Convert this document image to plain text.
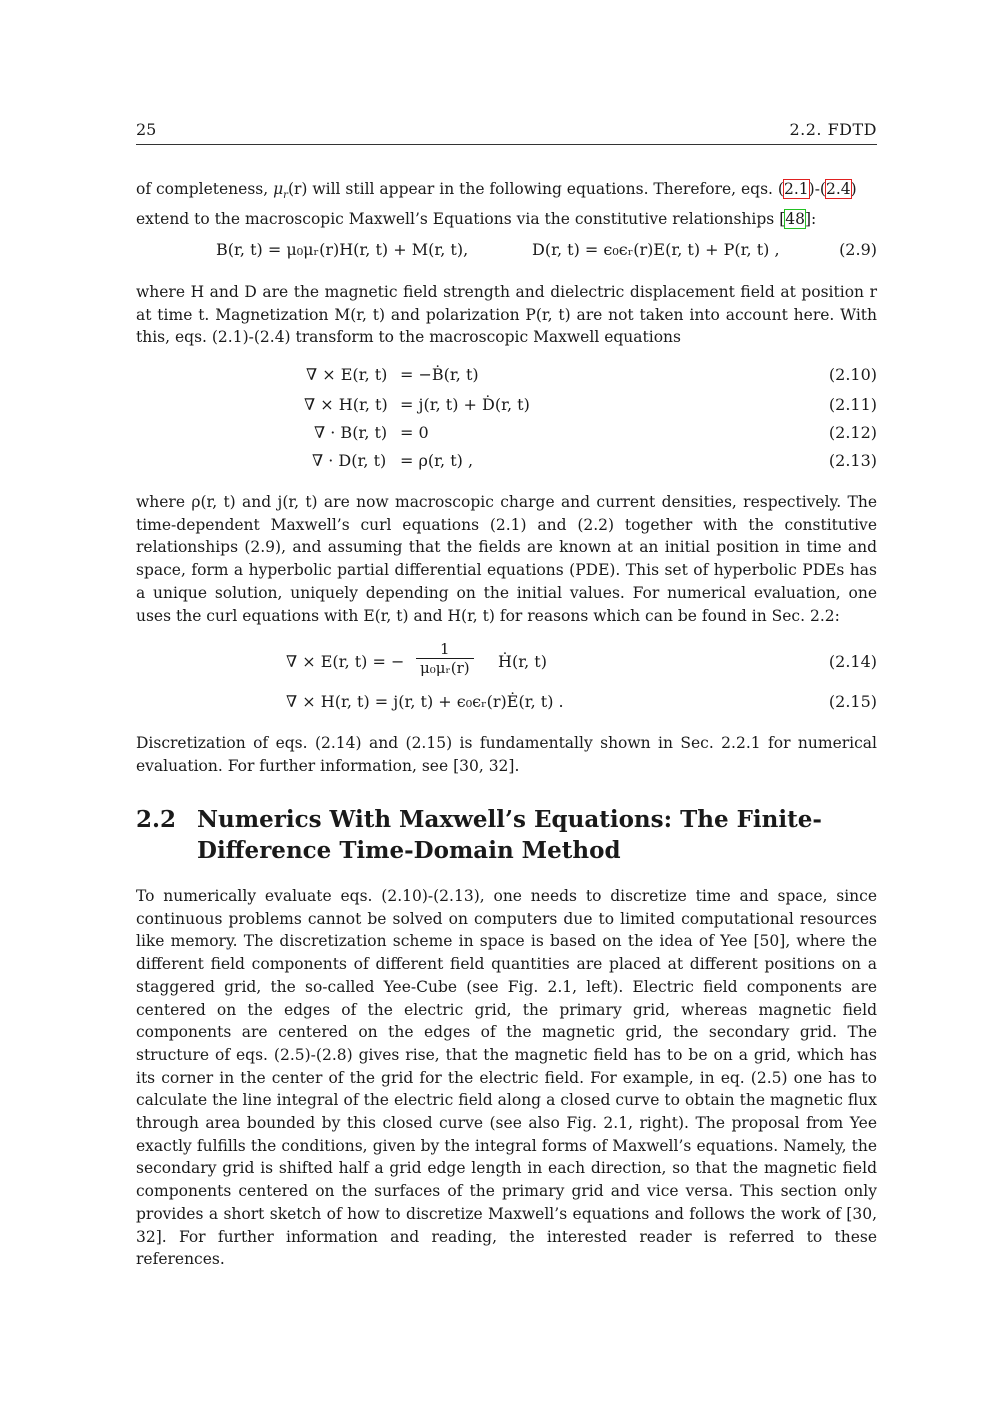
25	2.2. FDTD

of completeness, $\mu_r(r)$ will still appear in the following equations. Therefore, eqs. (2.1)-(2.4)
extend to the macroscopic Maxwell’s Equations via the constitutive relationships [48]:

B(r, t) = μ₀μᵣ(r)H(r, t) + M(r, t),	D(r, t) = ϵ₀ϵᵣ(r)E(r, t) + P(r, t) ,	(2.9)

where H and D are the magnetic field strength and dielectric displacement field at position r at time t. Magnetization M(r, t) and polarization P(r, t) are not taken into account here. With this, eqs. (2.1)-(2.4) transform to the macroscopic Maxwell equations

∇ × E(r, t) = −Ḃ(r, t)	(2.10)
∇ × H(r, t) = j(r, t) + Ḋ(r, t)	(2.11)
∇ · B(r, t) = 0	(2.12)
∇ · D(r, t) = ρ(r, t) ,	(2.13)

where ρ(r, t) and j(r, t) are now macroscopic charge and current densities, respectively. The time-dependent Maxwell’s curl equations (2.1) and (2.2) together with the constitutive relationships (2.9), and assuming that the fields are known at an initial position in time and space, form a hyperbolic partial differential equations (PDE). This set of hyperbolic PDEs has a unique solution, uniquely depending on the initial values. For numerical evaluation, one uses the curl equations with E(r, t) and H(r, t) for reasons which can be found in Sec. 2.2:

∇ × E(r, t) = − $\frac{1}{\text{μ₀μᵣ(r)}}$ Ḣ(r, t)	(2.14)
∇ × H(r, t) = j(r, t) + ϵ₀ϵᵣ(r)Ė(r, t) .	(2.15)

Discretization of eqs. (2.14) and (2.15) is fundamentally shown in Sec. 2.2.1 for numerical evaluation. For further information, see [30, 32].

2.2 Numerics With Maxwell’s Equations: The Finite-Difference Time-Domain Method

To numerically evaluate eqs. (2.10)-(2.13), one needs to discretize time and space, since continuous problems cannot be solved on computers due to limited computational resources like memory. The discretization scheme in space is based on the idea of Yee [50], where the different field components of different field quantities are placed at different positions on a staggered grid, the so-called Yee-Cube (see Fig. 2.1, left). Electric field components are centered on the edges of the electric grid, the primary grid, whereas magnetic field components are centered on the edges of the magnetic grid, the secondary grid. The structure of eqs. (2.5)-(2.8) gives rise, that the magnetic field has to be on a grid, which has its corner in the center of the grid for the electric field. For example, in eq. (2.5) one has to calculate the line integral of the electric field along a closed curve to obtain the magnetic flux through area bounded by this closed curve (see also Fig. 2.1, right). The proposal from Yee exactly fulfills the conditions, given by the integral forms of Maxwell’s equations. Namely, the secondary grid is shifted half a grid edge length in each direction, so that the magnetic field components centered on the surfaces of the primary grid and vice versa. This section only provides a short sketch of how to discretize Maxwell’s equations and follows the work of [30, 32]. For further information and reading, the interested reader is referred to these references.
